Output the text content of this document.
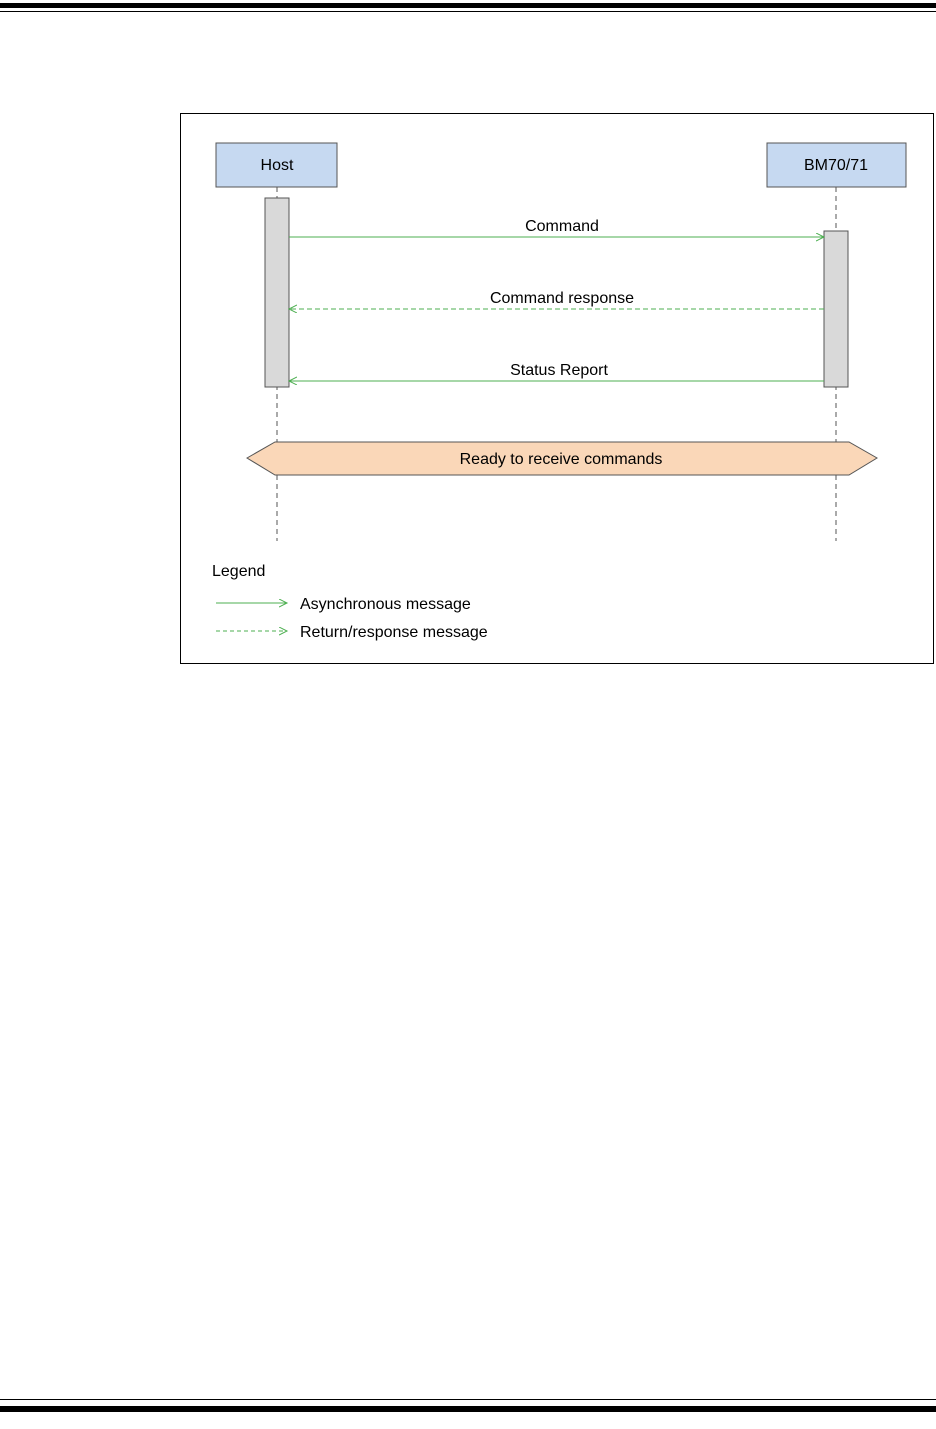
Host	BM70/71
Command
Command response
Status Report
Ready to receive commands
Legend
Asynchronous message
Return/response message
